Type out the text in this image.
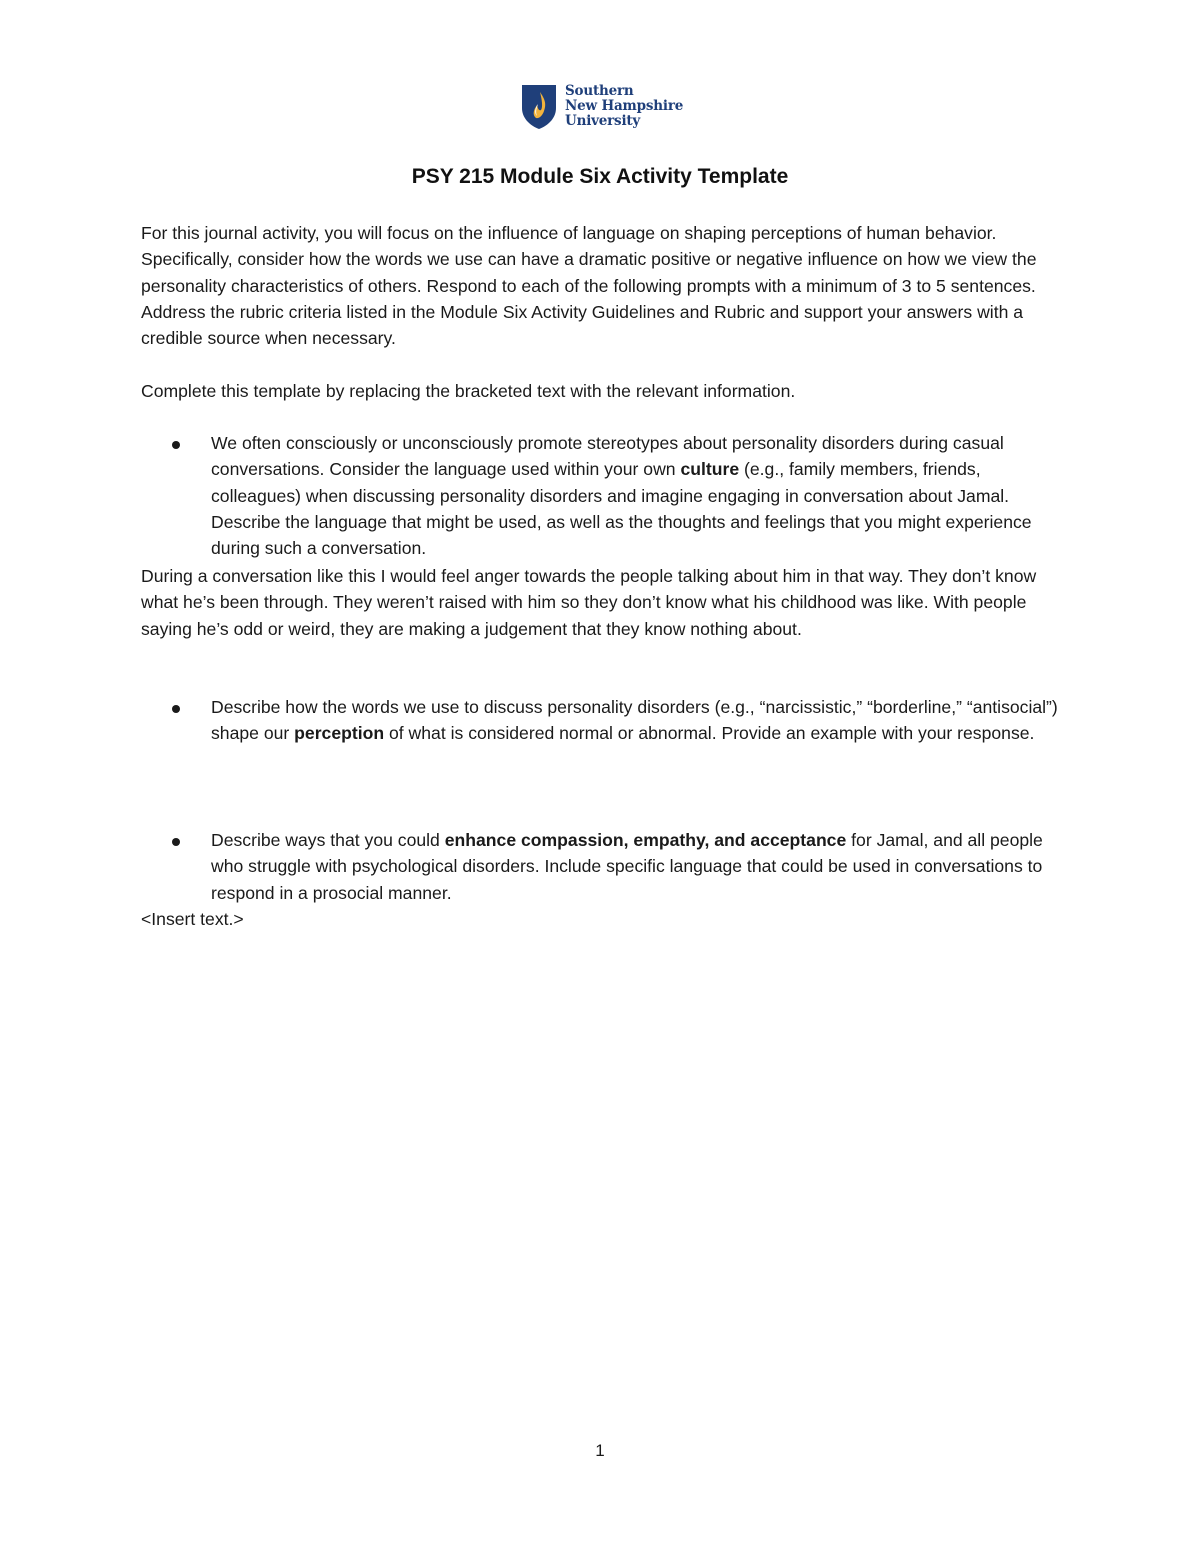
Southern
New Hampshire
University
PSY 215 Module Six Activity Template
For this journal activity, you will focus on the influence of language on shaping perceptions of human behavior. Specifically, consider how the words we use can have a dramatic positive or negative influence on how we view the personality characteristics of others. Respond to each of the following prompts with a minimum of 3 to 5 sentences. Address the rubric criteria listed in the Module Six Activity Guidelines and Rubric and support your answers with a credible source when necessary.
Complete this template by replacing the bracketed text with the relevant information.
We often consciously or unconsciously promote stereotypes about personality disorders during casual conversations. Consider the language used within your own culture (e.g., family members, friends, colleagues) when discussing personality disorders and imagine engaging in conversation about Jamal. Describe the language that might be used, as well as the thoughts and feelings that you might experience during such a conversation.
During a conversation like this I would feel anger towards the people talking about him in that way. They don’t know what he’s been through. They weren’t raised with him so they don’t know what his childhood was like. With people saying he’s odd or weird, they are making a judgement that they know nothing about.
Describe how the words we use to discuss personality disorders (e.g., “narcissistic,” “borderline,” “antisocial”) shape our perception of what is considered normal or abnormal. Provide an example with your response.
Describe ways that you could enhance compassion, empathy, and acceptance for Jamal, and all people who struggle with psychological disorders. Include specific language that could be used in conversations to respond in a prosocial manner.
<Insert text.>
1
